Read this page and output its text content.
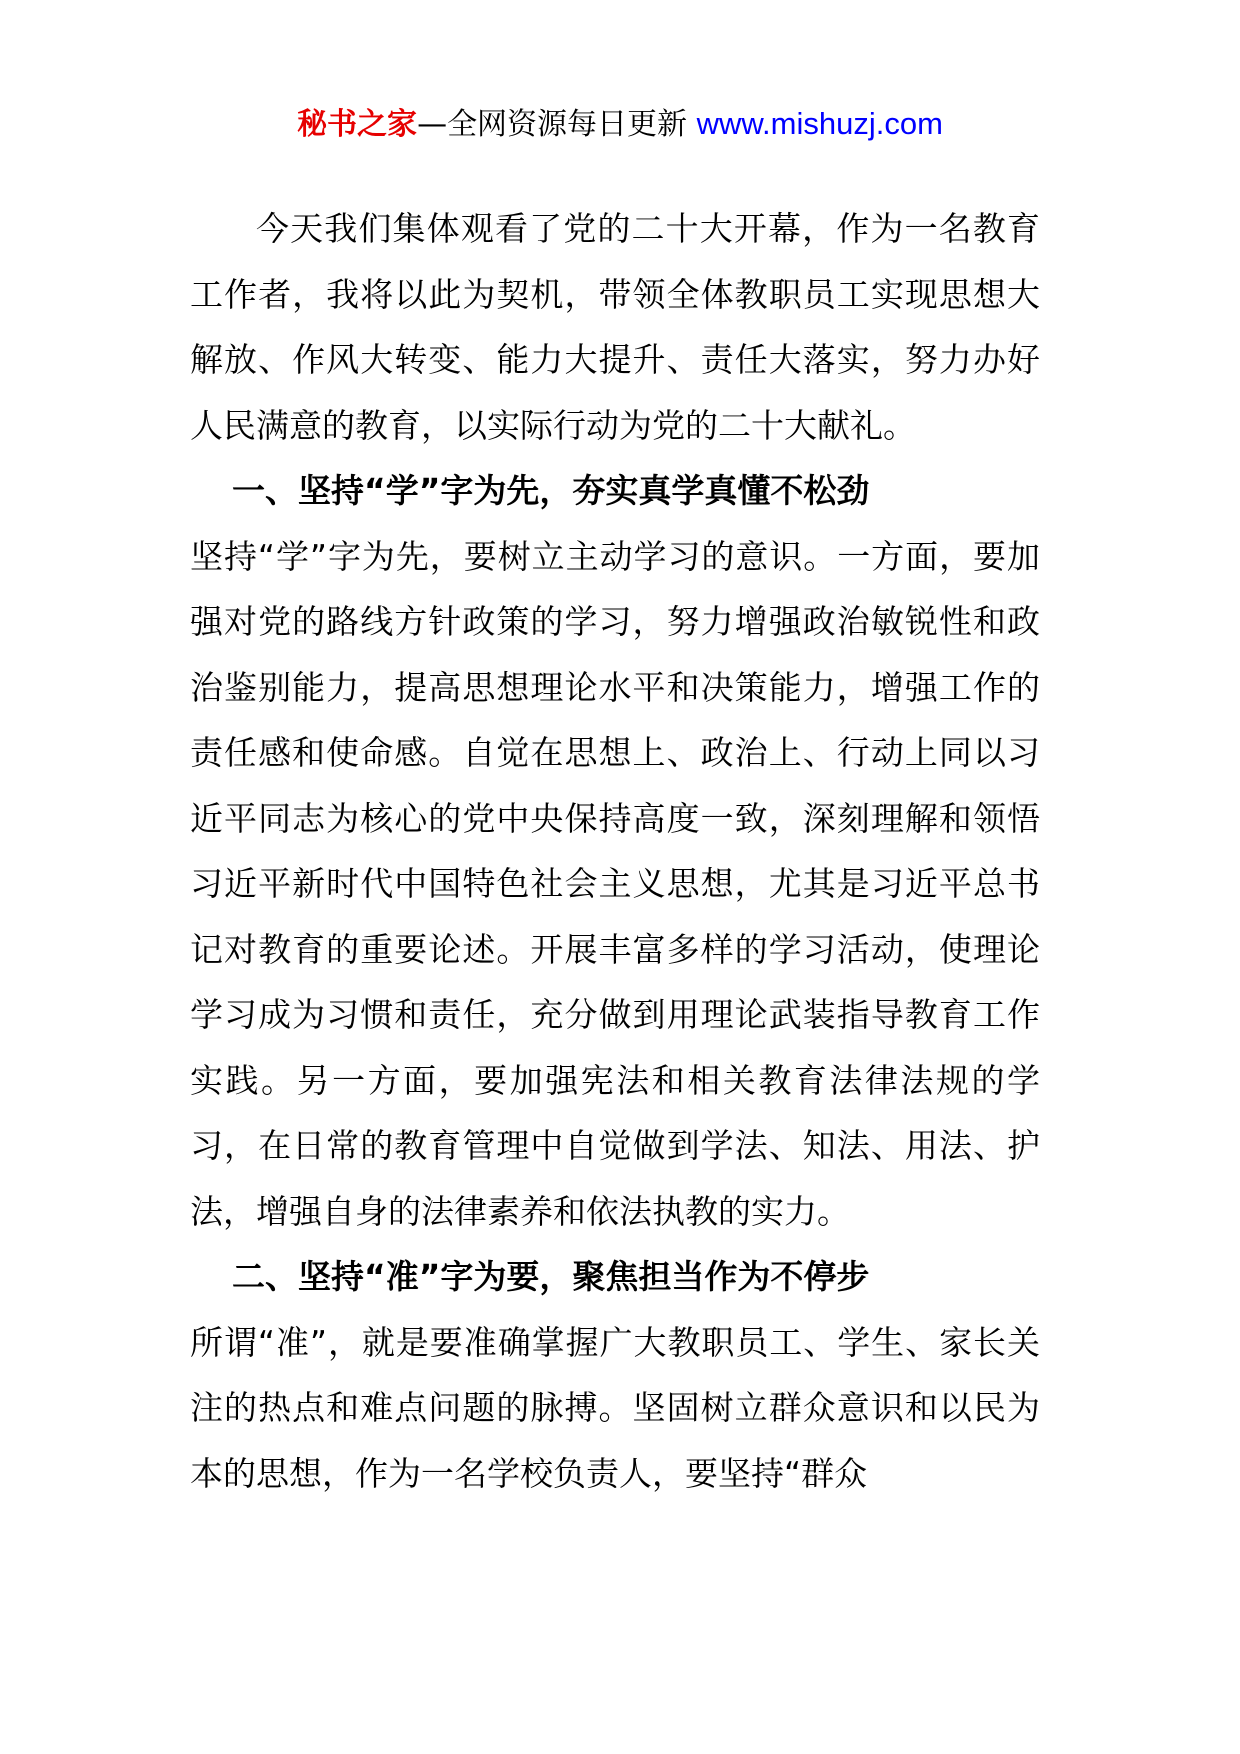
秘书之家—全网资源每日更新 www.mishuzj.com

今天我们集体观看了党的二十大开幕，作为一名教育工作者，我将以此为契机，带领全体教职员工实现思想大解放、作风大转变、能力大提升、责任大落实，努力办好人民满意的教育，以实际行动为党的二十大献礼。

一、坚持“学”字为先，夯实真学真懂不松劲

坚持“学”字为先，要树立主动学习的意识。一方面，要加强对党的路线方针政策的学习，努力增强政治敏锐性和政治鉴别能力，提高思想理论水平和决策能力，增强工作的责任感和使命感。自觉在思想上、政治上、行动上同以习近平同志为核心的党中央保持高度一致，深刻理解和领悟习近平新时代中国特色社会主义思想，尤其是习近平总书记对教育的重要论述。开展丰富多样的学习活动，使理论学习成为习惯和责任，充分做到用理论武装指导教育工作实践。另一方面，要加强宪法和相关教育法律法规的学习，在日常的教育管理中自觉做到学法、知法、用法、护法，增强自身的法律素养和依法执教的实力。

二、坚持“准”字为要，聚焦担当作为不停步

所谓“准”，就是要准确掌握广大教职员工、学生、家长关注的热点和难点问题的脉搏。坚固树立群众意识和以民为本的思想，作为一名学校负责人，要坚持“群众
